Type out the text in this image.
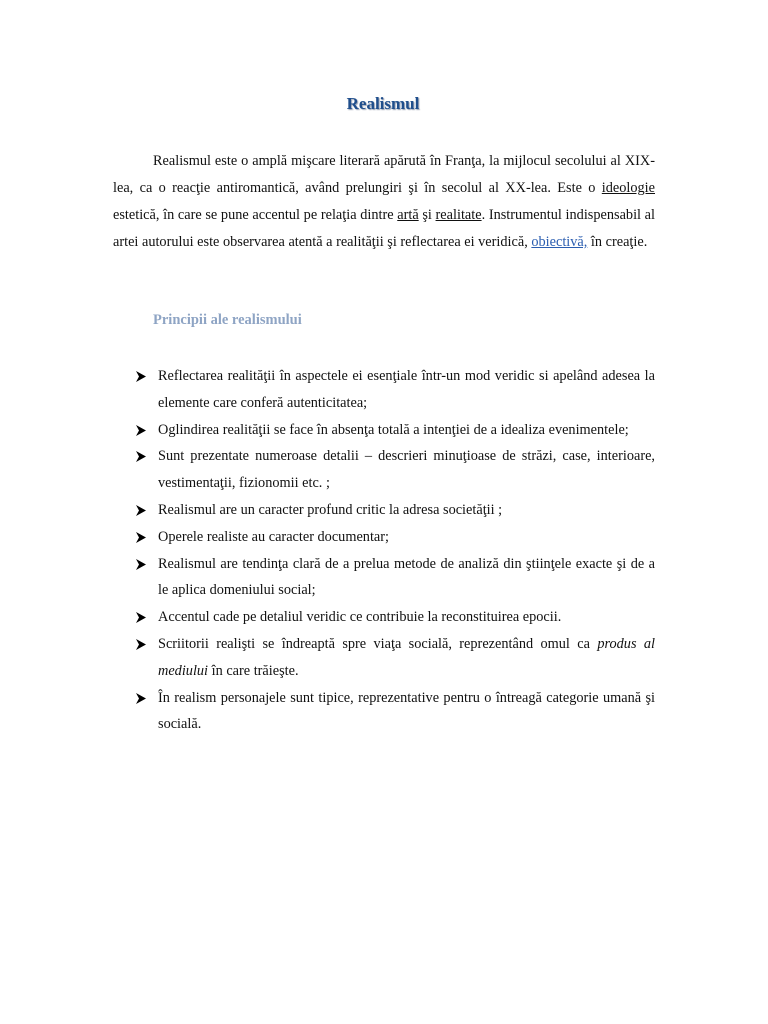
Realismul

Realismul este o amplă mişcare literară apărută în Franţa, la mijlocul secolului al XIX-lea, ca o reacţie antiromantică, având prelungiri şi în secolul al XX-lea. Este o ideologie estetică, în care se pune accentul pe relaţia dintre artă şi realitate. Instrumentul indispensabil al artei autorului este observarea atentă a realităţii şi reflectarea ei veridică, obiectivă, în creaţie.

Principii ale realismului
Reflectarea realităţii în aspectele ei esenţiale într-un mod veridic si apelând adesea la elemente care conferă autenticitatea;
Oglindirea realităţii se face în absenţa totală a intenţiei de a idealiza evenimentele;
Sunt prezentate numeroase detalii – descrieri minuţioase de străzi, case, interioare, vestimentaţii, fizionomii etc. ;
Realismul are un caracter profund critic la adresa societăţii ;
Operele realiste au caracter documentar;
Realismul are tendinţa clară de a prelua metode de analiză din ştiinţele exacte şi de a le aplica domeniului social;
Accentul cade pe detaliul veridic ce contribuie la reconstituirea epocii.
Scriitorii realişti se îndreaptă spre viaţa socială, reprezentând omul ca produs al mediului în care trăieşte.
În realism personajele sunt tipice, reprezentative pentru o întreagă categorie umană şi socială.
